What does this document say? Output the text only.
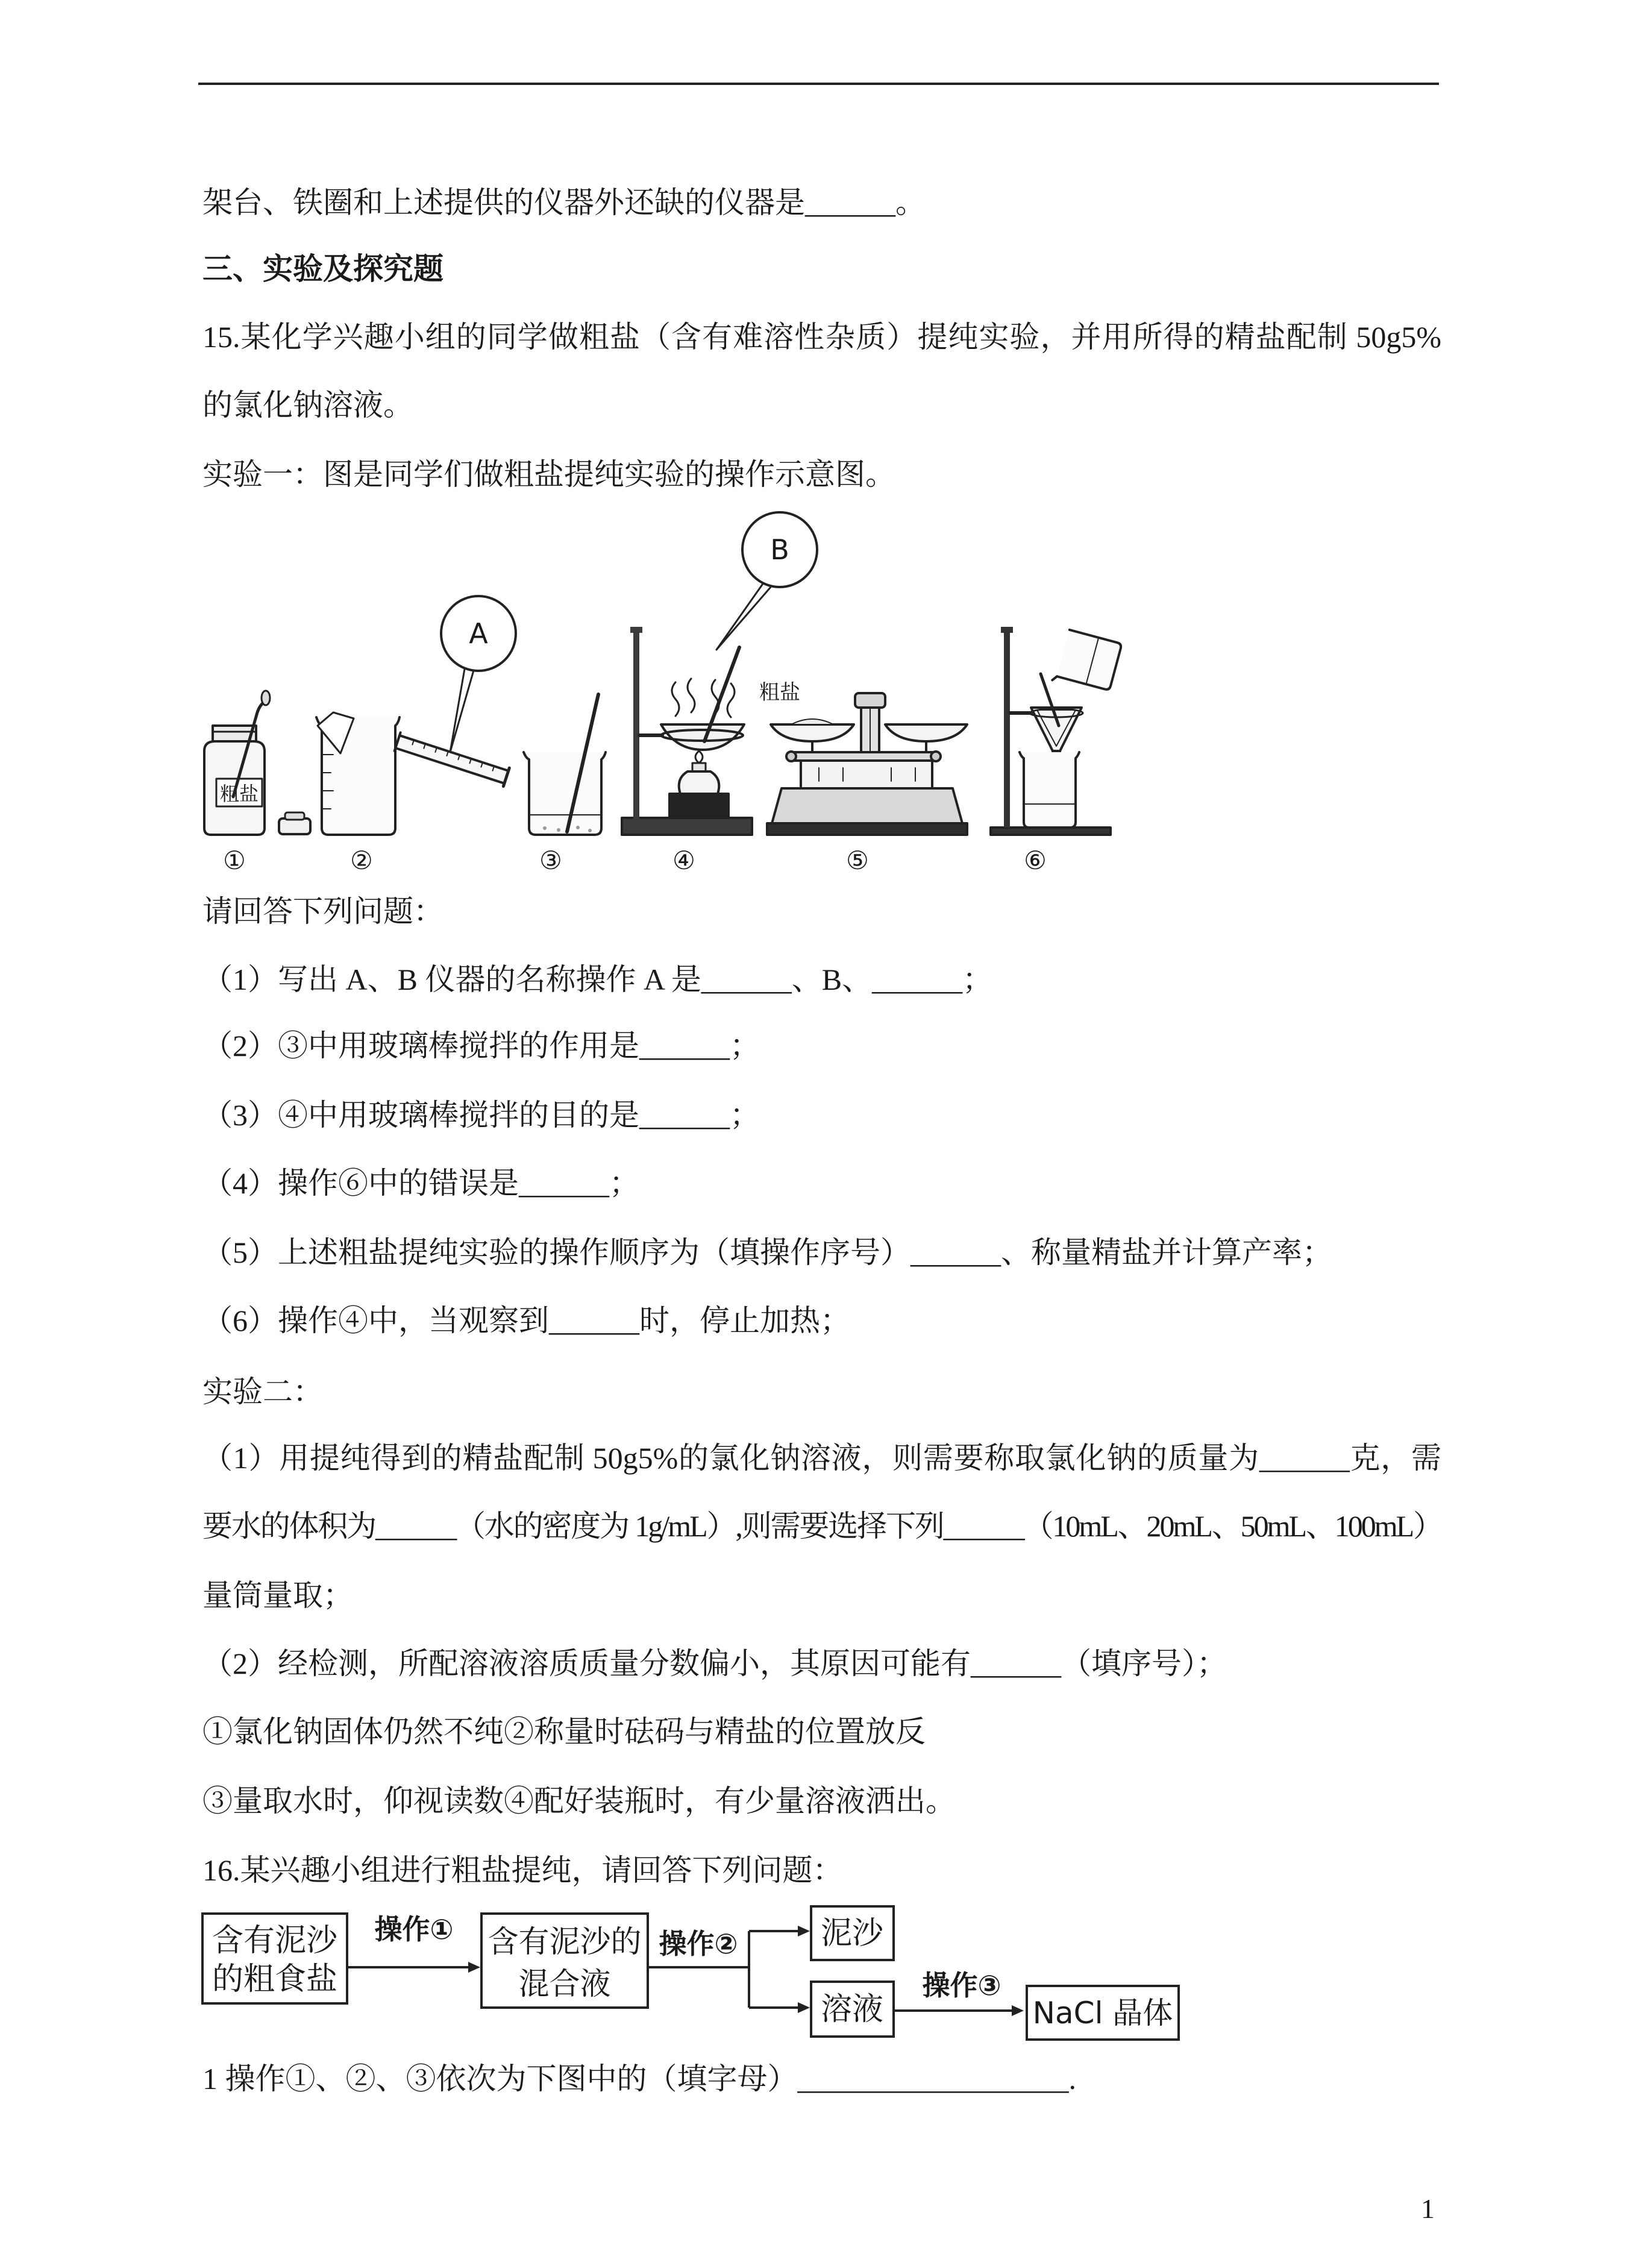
架台、铁圈和上述提供的仪器外还缺的仪器是______。
三、实验及探究题
15.某化学兴趣小组的同学做粗盐（含有难溶性杂质）提纯实验，并用所得的精盐配制 50g5%
的氯化钠溶液。
实验一：图是同学们做粗盐提纯实验的操作示意图。
粗盐
A
B
粗盐
①	②	③	④	⑤	⑥
请回答下列问题：
（1）写出 A、B 仪器的名称操作 A 是______、B、______；
（2）③中用玻璃棒搅拌的作用是______；
（3）④中用玻璃棒搅拌的目的是______；
（4）操作⑥中的错误是______；
（5）上述粗盐提纯实验的操作顺序为（填操作序号）______、称量精盐并计算产率；
（6）操作④中，当观察到______时，停止加热；
实验二：
（1）用提纯得到的精盐配制 50g5%的氯化钠溶液，则需要称取氯化钠的质量为______克，需
要水的体积为______（水的密度为 1g/mL）,则需要选择下列______（10mL、20mL、50mL、100mL）
量筒量取；
（2）经检测，所配溶液溶质质量分数偏小，其原因可能有______（填序号）；
①氯化钠固体仍然不纯②称量时砝码与精盐的位置放反
③量取水时，仰视读数④配好装瓶时，有少量溶液洒出。
16.某兴趣小组进行粗盐提纯，请回答下列问题：
含有泥沙
的粗食盐
操作① 含有泥沙的
混合液
操作②	泥沙
溶液
操作③
NaCl 晶体
1 操作①、②、③依次为下图中的（填字母）__________________.
1
